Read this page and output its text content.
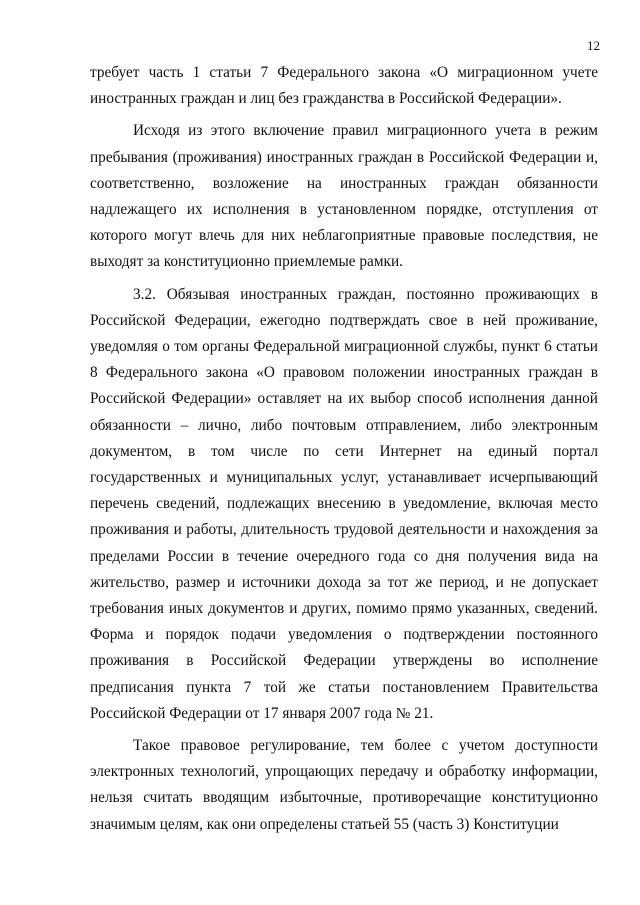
12

требует часть 1 статьи 7 Федерального закона «О миграционном учете иностранных граждан и лиц без гражданства в Российской Федерации».

Исходя из этого включение правил миграционного учета в режим пребывания (проживания) иностранных граждан в Российской Федерации и, соответственно, возложение на иностранных граждан обязанности надлежащего их исполнения в установленном порядке, отступления от которого могут влечь для них неблагоприятные правовые последствия, не выходят за конституционно приемлемые рамки.

3.2. Обязывая иностранных граждан, постоянно проживающих в Российской Федерации, ежегодно подтверждать свое в ней проживание, уведомляя о том органы Федеральной миграционной службы, пункт 6 статьи 8 Федерального закона «О правовом положении иностранных граждан в Российской Федерации» оставляет на их выбор способ исполнения данной обязанности – лично, либо почтовым отправлением, либо электронным документом, в том числе по сети Интернет на единый портал государственных и муниципальных услуг, устанавливает исчерпывающий перечень сведений, подлежащих внесению в уведомление, включая место проживания и работы, длительность трудовой деятельности и нахождения за пределами России в течение очередного года со дня получения вида на жительство, размер и источники дохода за тот же период, и не допускает требования иных документов и других, помимо прямо указанных, сведений. Форма и порядок подачи уведомления о подтверждении постоянного проживания в Российской Федерации утверждены во исполнение предписания пункта 7 той же статьи постановлением Правительства Российской Федерации от 17 января 2007 года № 21.

Такое правовое регулирование, тем более с учетом доступности электронных технологий, упрощающих передачу и обработку информации, нельзя считать вводящим избыточные, противоречащие конституционно значимым целям, как они определены статьей 55 (часть 3) Конституции
